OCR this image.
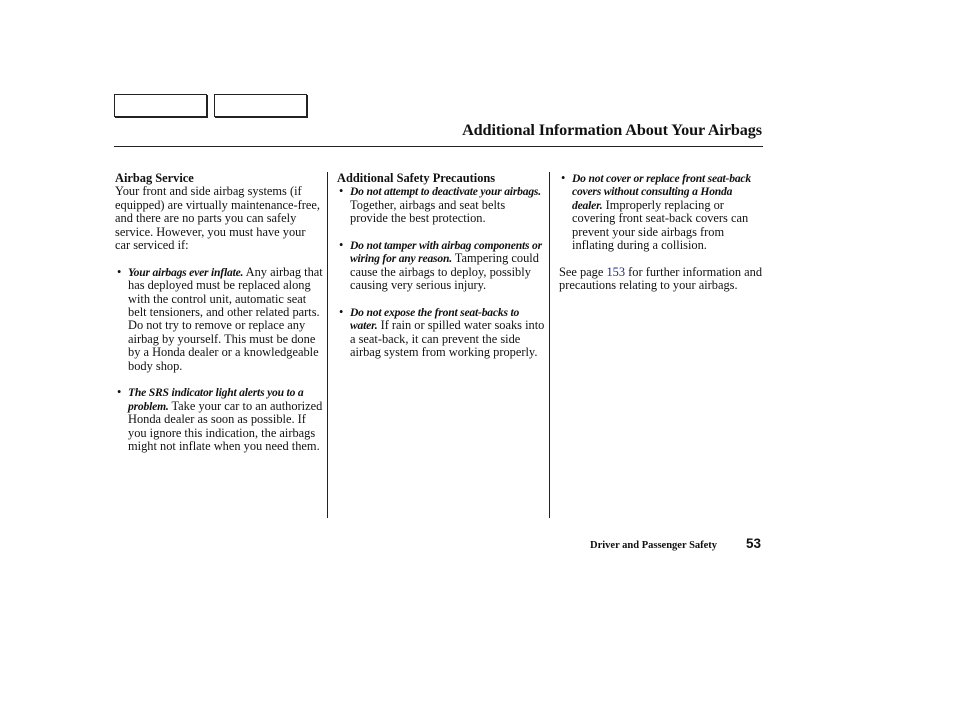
Additional Information About Your Airbags
Airbag Service

Your front and side airbag systems (if equipped) are virtually maintenance-free, and there are no parts you can safely service. However, you must have your car serviced if:

• Your airbags ever inflate. Any airbag that has deployed must be replaced along with the control unit, automatic seat belt tensioners, and other related parts. Do not try to remove or replace any airbag by yourself. This must be done by a Honda dealer or a knowledgeable body shop.

• The SRS indicator light alerts you to a problem. Take your car to an authorized Honda dealer as soon as possible. If you ignore this indication, the airbags might not inflate when you need them.

Additional Safety Precautions

• Do not attempt to deactivate your airbags. Together, airbags and seat belts provide the best protection.

• Do not tamper with airbag components or wiring for any reason. Tampering could cause the airbags to deploy, possibly causing very serious injury.

• Do not expose the front seat-backs to water. If rain or spilled water soaks into a seat-back, it can prevent the side airbag system from working properly.

• Do not cover or replace front seat-back covers without consulting a Honda dealer. Improperly replacing or covering front seat-back covers can prevent your side airbags from inflating during a collision.

See page 153 for further information and precautions relating to your airbags.

Driver and Passenger Safety 53
